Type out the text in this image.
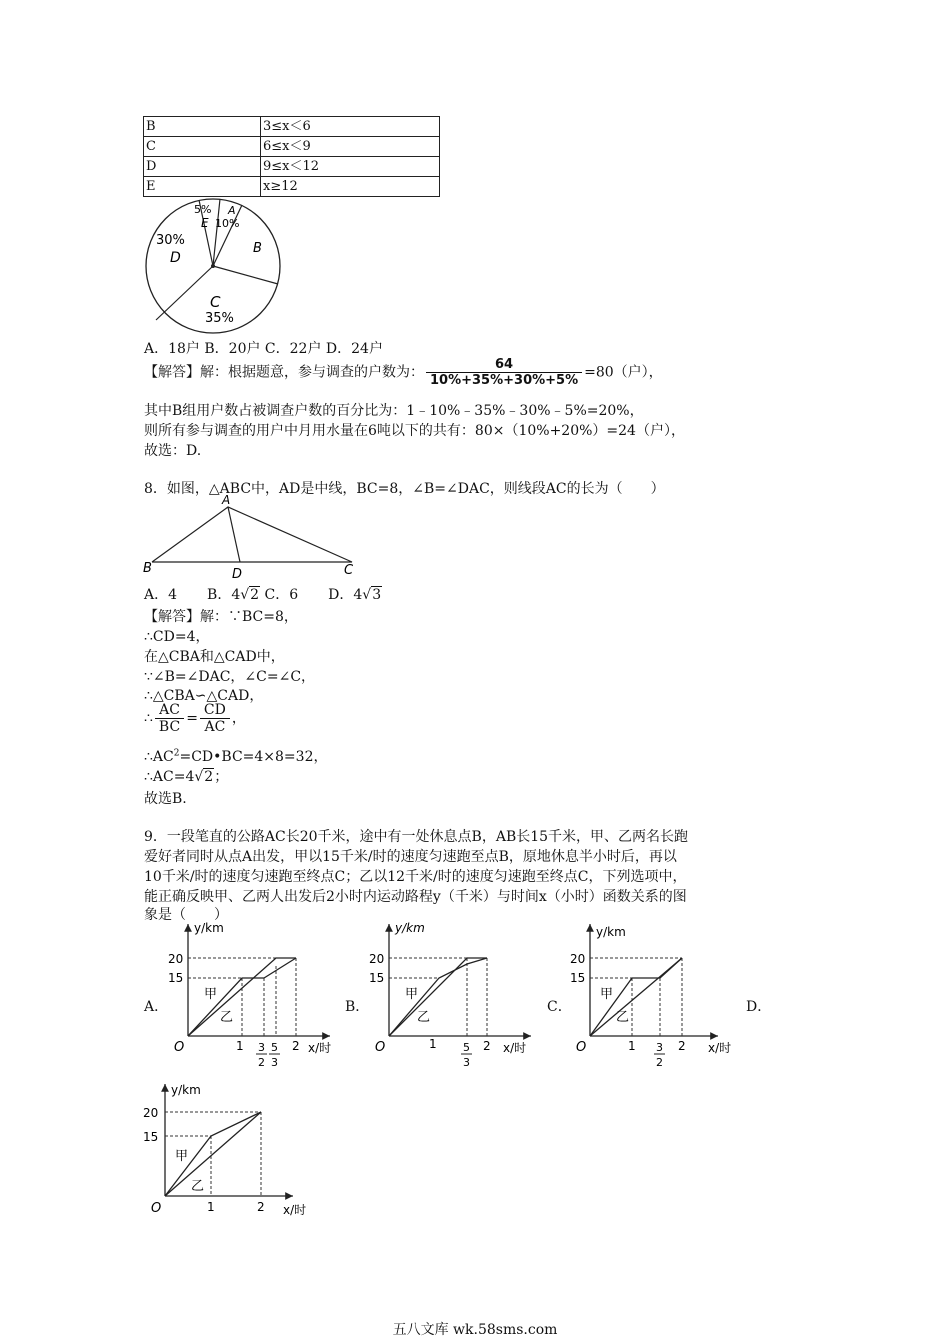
B	3≤x＜6
C	6≤x＜9
D	9≤x＜12
E	x≥12
5%
E
A
10%
B
30%
D
C
35%
A．18户 B．20户 C．22户 D．24户
【解答】解：根据题意，参与调查的户数为： $\frac{64}{10\%+35\%+30\%+5\%} =80$（户），
其中B组用户数占被调查户数的百分比为：1﹣10%﹣35%﹣30%﹣5%=20%，
则所有参与调查的用户中月用水量在6吨以下的共有：80×（10%+20%）=24（户），
故选：D.
8．如图，△ABC中，AD是中线，BC=8，∠B=∠DAC，则线段AC的长为（　　）
A
B	D	C
A．4 B．4√2 C．6 D．4√3
【解答】解：∵BC=8，
∴CD=4，
在△CBA和△CAD中，
∵∠B=∠DAC，∠C=∠C，
∴△CBA∽△CAD，
∴ $\frac{AC}{BC} = \frac{CD}{AC}$ ，
$\therefore AC^2=CD•BC=4\times 8=32$，
∴AC=4√2；
故选B.
9．一段笔直的公路AC长20千米，途中有一处休息点B，AB长15千米，甲、乙两名长跑
爱好者同时从点A出发，甲以15千米/时的速度匀速跑至点B，原地休息半小时后，再以
10千米/时的速度匀速跑至终点C；乙以12千米/时的速度匀速跑至终点C，下列选项中，
能正确反映甲、乙两人出发后2小时内运动路程y（千米）与时间x（小时）函数关系的图
象是（　　）
A．	B．	C．	D．
y/km
20
15
甲
乙
O	1 3
2
5
3
2 x/时
y/km
20
15
甲
乙
O	1 5
3
2 x/时
y/km
20
15
甲
乙
O	1 3
2
2 x/时
y/km
20
15
甲
乙
O	1	2 x/时
五八文库 wk.58sms.com
